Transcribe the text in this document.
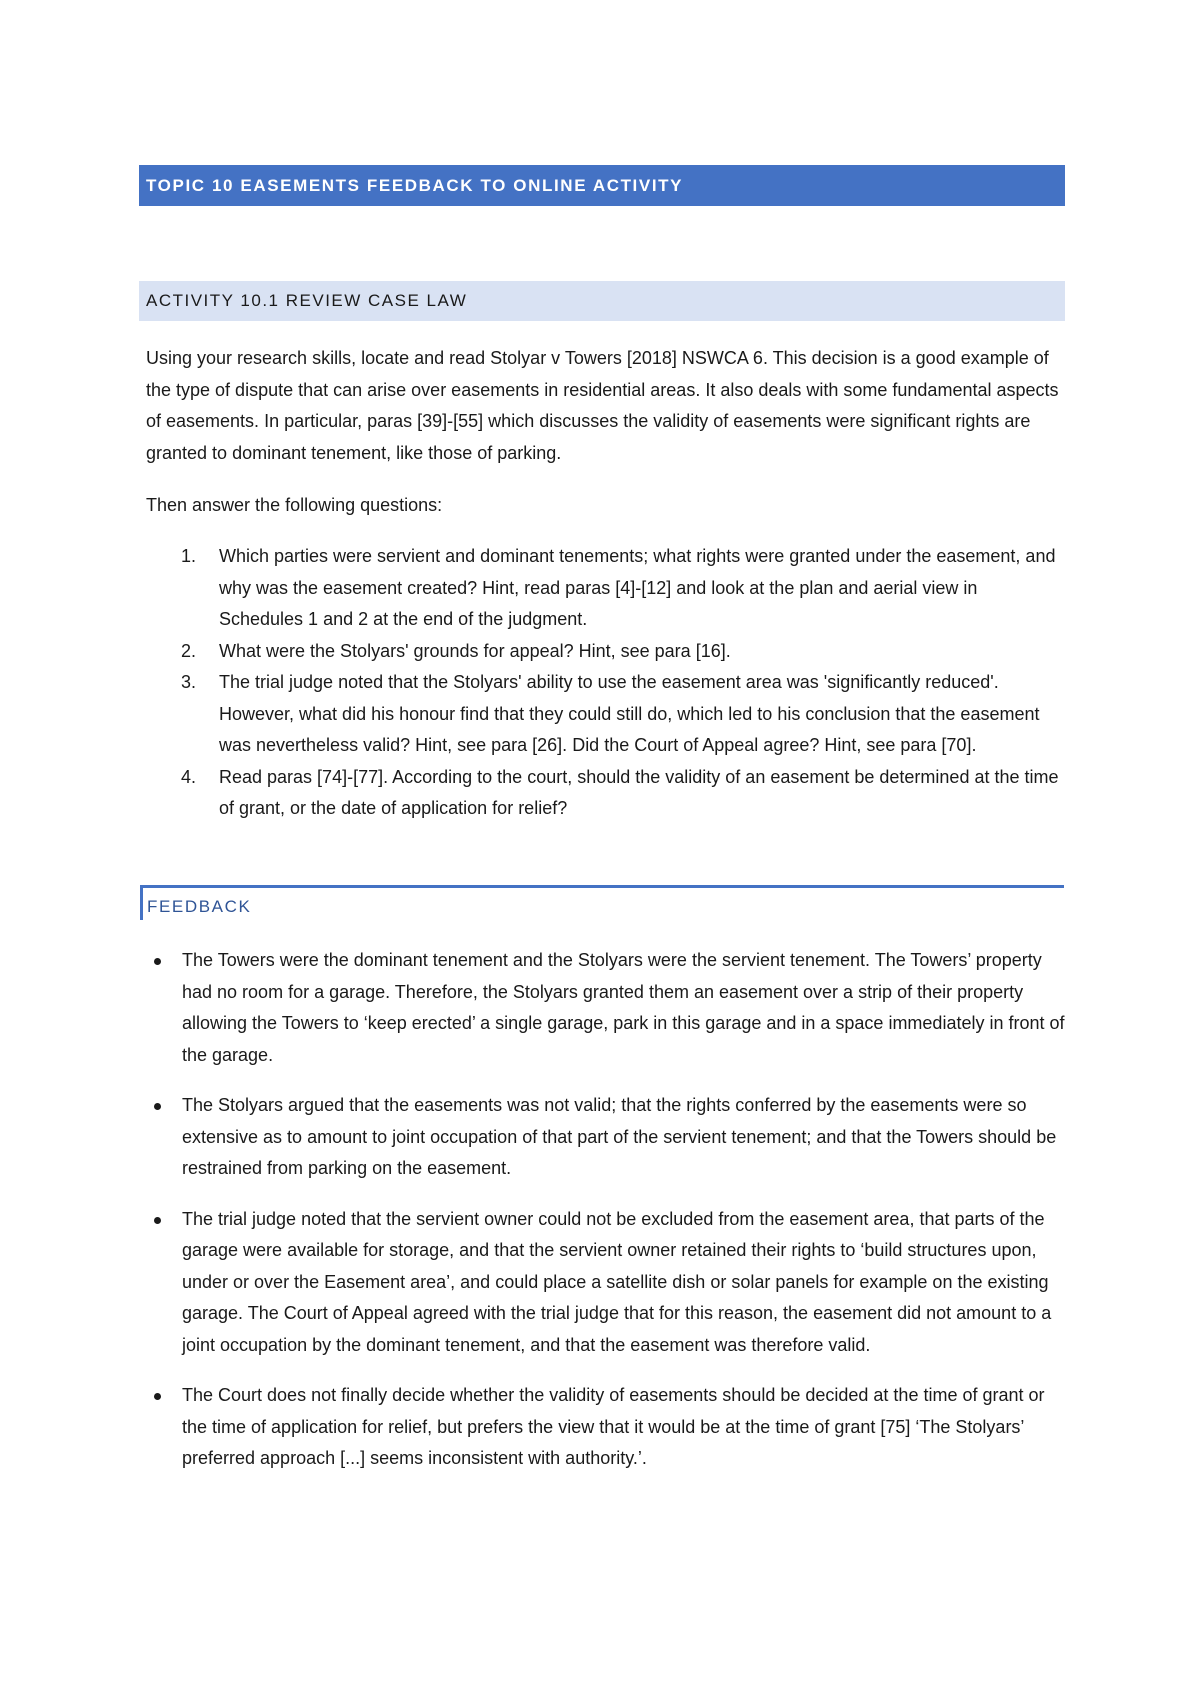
TOPIC 10 EASEMENTS FEEDBACK TO ONLINE ACTIVITY
ACTIVITY 10.1 REVIEW CASE LAW

Using your research skills, locate and read Stolyar v Towers [2018] NSWCA 6. This decision is a good example of the type of dispute that can arise over easements in residential areas. It also deals with some fundamental aspects of easements. In particular, paras [39]-[55] which discusses the validity of easements were significant rights are granted to dominant tenement, like those of parking.

Then answer the following questions:

1.	Which parties were servient and dominant tenements; what rights were granted under the easement, and why was the easement created? Hint, read paras [4]-[12] and look at the plan and aerial view in Schedules 1 and 2 at the end of the judgment.
2.	What were the Stolyars' grounds for appeal? Hint, see para [16].
3.	The trial judge noted that the Stolyars' ability to use the easement area was 'significantly reduced'. However, what did his honour find that they could still do, which led to his conclusion that the easement was nevertheless valid? Hint, see para [26]. Did the Court of Appeal agree? Hint, see para [70].
4.	Read paras [74]-[77]. According to the court, should the validity of an easement be determined at the time of grant, or the date of application for relief?
FEEDBACK
The Towers were the dominant tenement and the Stolyars were the servient tenement. The Towers’ property had no room for a garage. Therefore, the Stolyars granted them an easement over a strip of their property allowing the Towers to ‘keep erected’ a single garage, park in this garage and in a space immediately in front of the garage.
The Stolyars argued that the easements was not valid; that the rights conferred by the easements were so extensive as to amount to joint occupation of that part of the servient tenement; and that the Towers should be restrained from parking on the easement.
The trial judge noted that the servient owner could not be excluded from the easement area, that parts of the garage were available for storage, and that the servient owner retained their rights to ‘build structures upon, under or over the Easement area’, and could place a satellite dish or solar panels for example on the existing garage. The Court of Appeal agreed with the trial judge that for this reason, the easement did not amount to a joint occupation by the dominant tenement, and that the easement was therefore valid.
The Court does not finally decide whether the validity of easements should be decided at the time of grant or the time of application for relief, but prefers the view that it would be at the time of grant [75] ‘The Stolyars’ preferred approach [...] seems inconsistent with authority.’.
